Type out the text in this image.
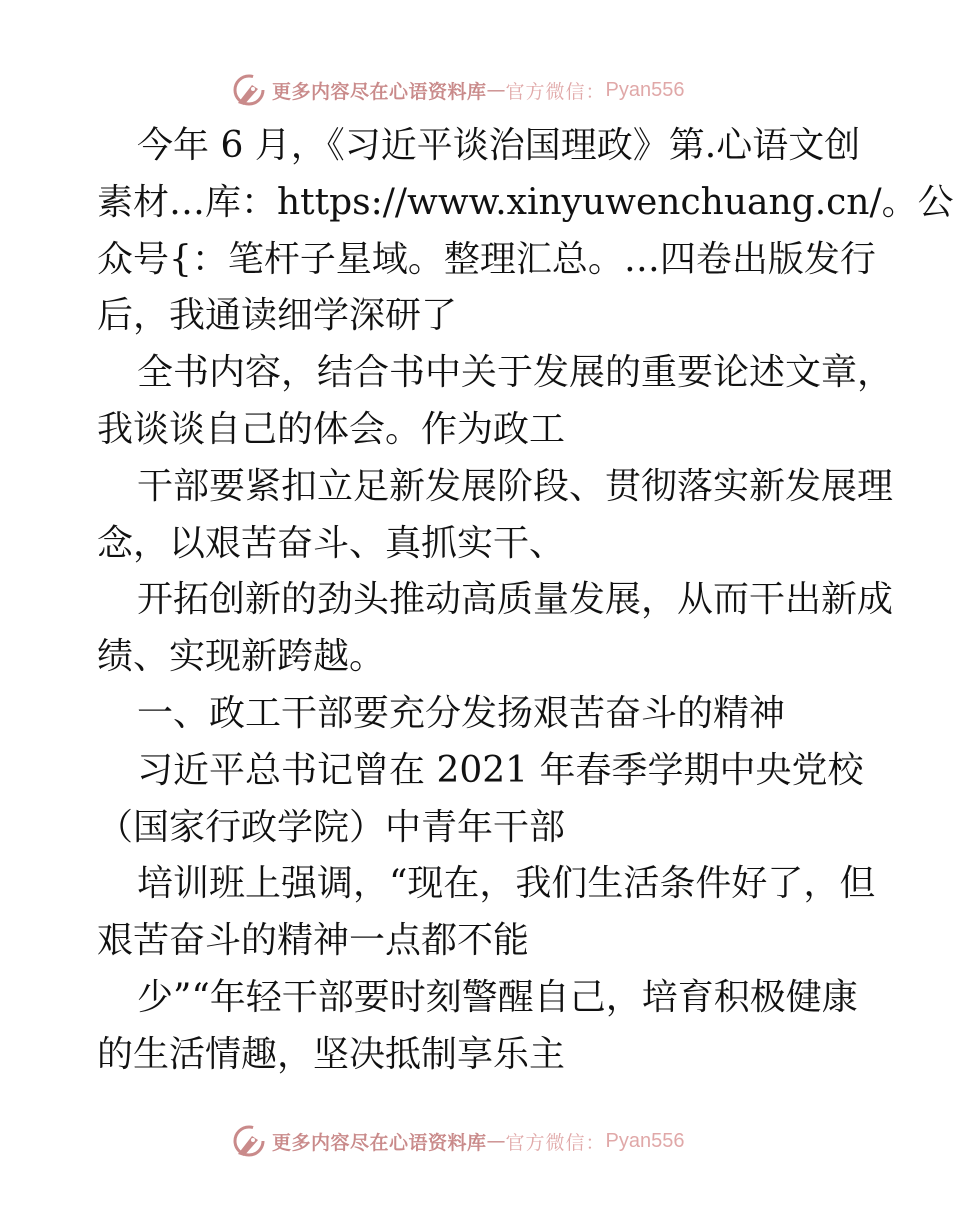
更多内容尽在心语资料库 — 官方微信： Pyan556
今年 6 月，《习近平谈治国理政》第.心语文创
素材…库：https://www.xinyuwenchuang.cn/。公
众号{：笔杆子星域。整理汇总。…四卷出版发行
后，我通读细学深研了
全书内容，结合书中关于发展的重要论述文章，
我谈谈自己的体会。作为政工
干部要紧扣立足新发展阶段、贯彻落实新发展理
念，以艰苦奋斗、真抓实干、
开拓创新的劲头推动高质量发展，从而干出新成
绩、实现新跨越。
一、政工干部要充分发扬艰苦奋斗的精神
习近平总书记曾在 2021 年春季学期中央党校
（国家行政学院）中青年干部
培训班上强调，“现在，我们生活条件好了，但
艰苦奋斗的精神一点都不能
少”“年轻干部要时刻警醒自己，培育积极健康
的生活情趣，坚决抵制享乐主
更多内容尽在心语资料库 — 官方微信： Pyan556
